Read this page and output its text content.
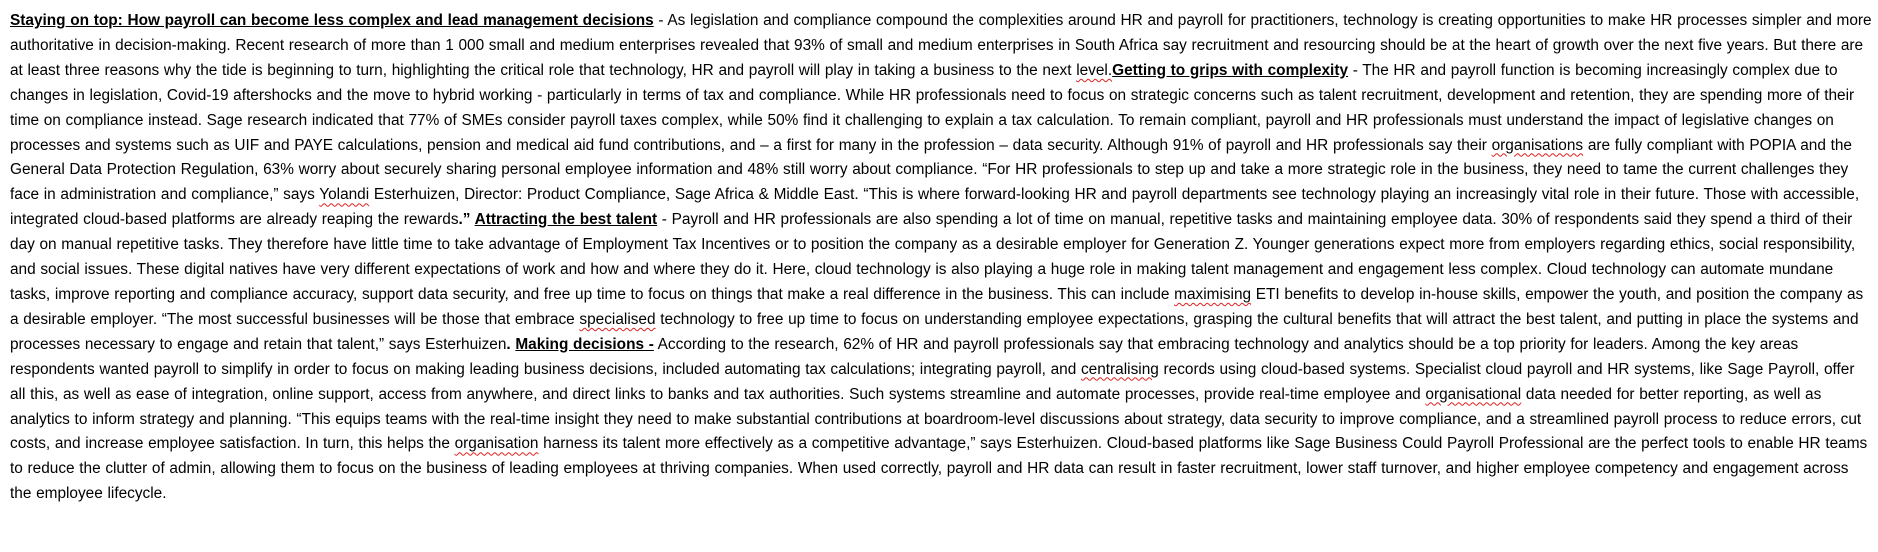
Staying on top: How payroll can become less complex and lead management decisions - As legislation and compliance compound the complexities around HR and payroll for practitioners, technology is creating opportunities to make HR processes simpler and more authoritative in decision-making. Recent research of more than 1 000 small and medium enterprises revealed that 93% of small and medium enterprises in South Africa say recruitment and resourcing should be at the heart of growth over the next five years. But there are at least three reasons why the tide is beginning to turn, highlighting the critical role that technology, HR and payroll will play in taking a business to the next level.Getting to grips with complexity - The HR and payroll function is becoming increasingly complex due to changes in legislation, Covid-19 aftershocks and the move to hybrid working - particularly in terms of tax and compliance. While HR professionals need to focus on strategic concerns such as talent recruitment, development and retention, they are spending more of their time on compliance instead. Sage research indicated that 77% of SMEs consider payroll taxes complex, while 50% find it challenging to explain a tax calculation. To remain compliant, payroll and HR professionals must understand the impact of legislative changes on processes and systems such as UIF and PAYE calculations, pension and medical aid fund contributions, and – a first for many in the profession – data security. Although 91% of payroll and HR professionals say their organisations are fully compliant with POPIA and the General Data Protection Regulation, 63% worry about securely sharing personal employee information and 48% still worry about compliance. “For HR professionals to step up and take a more strategic role in the business, they need to tame the current challenges they face in administration and compliance,” says Yolandi Esterhuizen, Director: Product Compliance, Sage Africa & Middle East. “This is where forward-looking HR and payroll departments see technology playing an increasingly vital role in their future. Those with accessible, integrated cloud-based platforms are already reaping the rewards.” Attracting the best talent - Payroll and HR professionals are also spending a lot of time on manual, repetitive tasks and maintaining employee data. 30% of respondents said they spend a third of their day on manual repetitive tasks. They therefore have little time to take advantage of Employment Tax Incentives or to position the company as a desirable employer for Generation Z. Younger generations expect more from employers regarding ethics, social responsibility, and social issues. These digital natives have very different expectations of work and how and where they do it. Here, cloud technology is also playing a huge role in making talent management and engagement less complex. Cloud technology can automate mundane tasks, improve reporting and compliance accuracy, support data security, and free up time to focus on things that make a real difference in the business. This can include maximising ETI benefits to develop in-house skills, empower the youth, and position the company as a desirable employer. “The most successful businesses will be those that embrace specialised technology to free up time to focus on understanding employee expectations, grasping the cultural benefits that will attract the best talent, and putting in place the systems and processes necessary to engage and retain that talent,” says Esterhuizen. Making decisions - According to the research, 62% of HR and payroll professionals say that embracing technology and analytics should be a top priority for leaders. Among the key areas respondents wanted payroll to simplify in order to focus on making leading business decisions, included automating tax calculations; integrating payroll, and centralising records using cloud-based systems. Specialist cloud payroll and HR systems, like Sage Payroll, offer all this, as well as ease of integration, online support, access from anywhere, and direct links to banks and tax authorities. Such systems streamline and automate processes, provide real-time employee and organisational data needed for better reporting, as well as analytics to inform strategy and planning. “This equips teams with the real-time insight they need to make substantial contributions at boardroom-level discussions about strategy, data security to improve compliance, and a streamlined payroll process to reduce errors, cut costs, and increase employee satisfaction. In turn, this helps the organisation harness its talent more effectively as a competitive advantage,” says Esterhuizen. Cloud-based platforms like Sage Business Could Payroll Professional are the perfect tools to enable HR teams to reduce the clutter of admin, allowing them to focus on the business of leading employees at thriving companies. When used correctly, payroll and HR data can result in faster recruitment, lower staff turnover, and higher employee competency and engagement across the employee lifecycle.
